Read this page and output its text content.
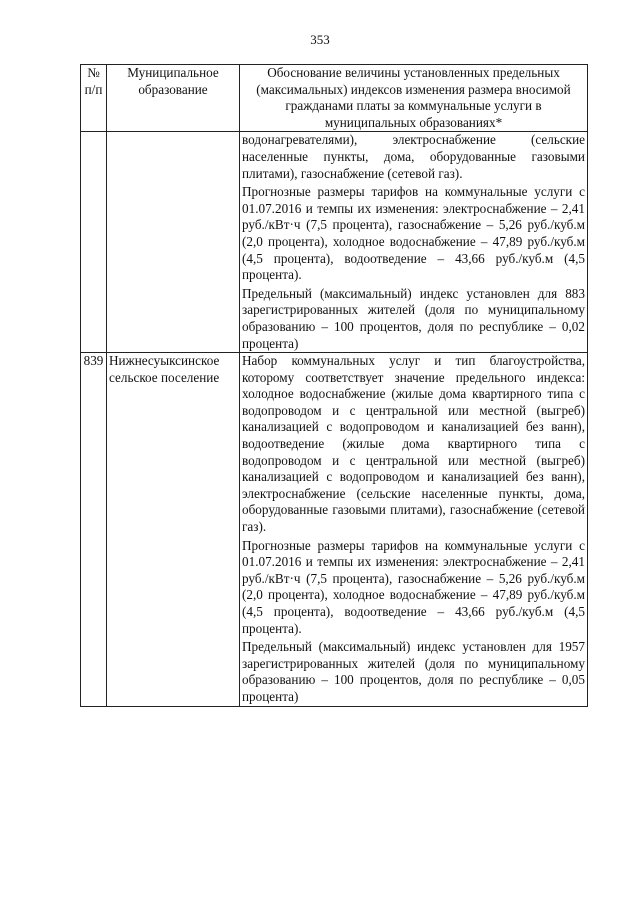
353
№ п/п	Муниципальное образование	Обоснование величины установленных предельных (максимальных) индексов изменения размера вносимой гражданами платы за коммунальные услуги в муниципальных образованиях*

		водонагревателями), электроснабжение (сельские населенные пункты, дома, оборудованные газовыми плитами), газоснабжение (сетевой газ).

Прогнозные размеры тарифов на коммунальные услуги с 01.07.2016 и темпы их изменения: электроснабжение – 2,41 руб./кВт·ч (7,5 процента), газоснабжение – 5,26 руб./куб.м (2,0 процента), холодное водоснабжение – 47,89 руб./куб.м (4,5 процента), водоотведение – 43,66 руб./куб.м (4,5 процента).

Предельный (максимальный) индекс установлен для 883 зарегистрированных жителей (доля по муниципальному образованию – 100 процентов, доля по республике – 0,02 процента)

839	Нижнесуыксинское сельское поселение	Набор коммунальных услуг и тип благоустройства, которому соответствует значение предельного индекса: холодное водоснабжение (жилые дома квартирного типа с водопроводом и с центральной или местной (выгреб) канализацией с водопроводом и канализацией без ванн), водоотведение (жилые дома квартирного типа с водопроводом и с центральной или местной (выгреб) канализацией с водопроводом и канализацией без ванн), электроснабжение (сельские населенные пункты, дома, оборудованные газовыми плитами), газоснабжение (сетевой газ).

Прогнозные размеры тарифов на коммунальные услуги с 01.07.2016 и темпы их изменения: электроснабжение – 2,41 руб./кВт·ч (7,5 процента), газоснабжение – 5,26 руб./куб.м (2,0 процента), холодное водоснабжение – 47,89 руб./куб.м (4,5 процента), водоотведение – 43,66 руб./куб.м (4,5 процента).

Предельный (максимальный) индекс установлен для 1957 зарегистрированных жителей (доля по муниципальному образованию – 100 процентов, доля по республике – 0,05 процента)
